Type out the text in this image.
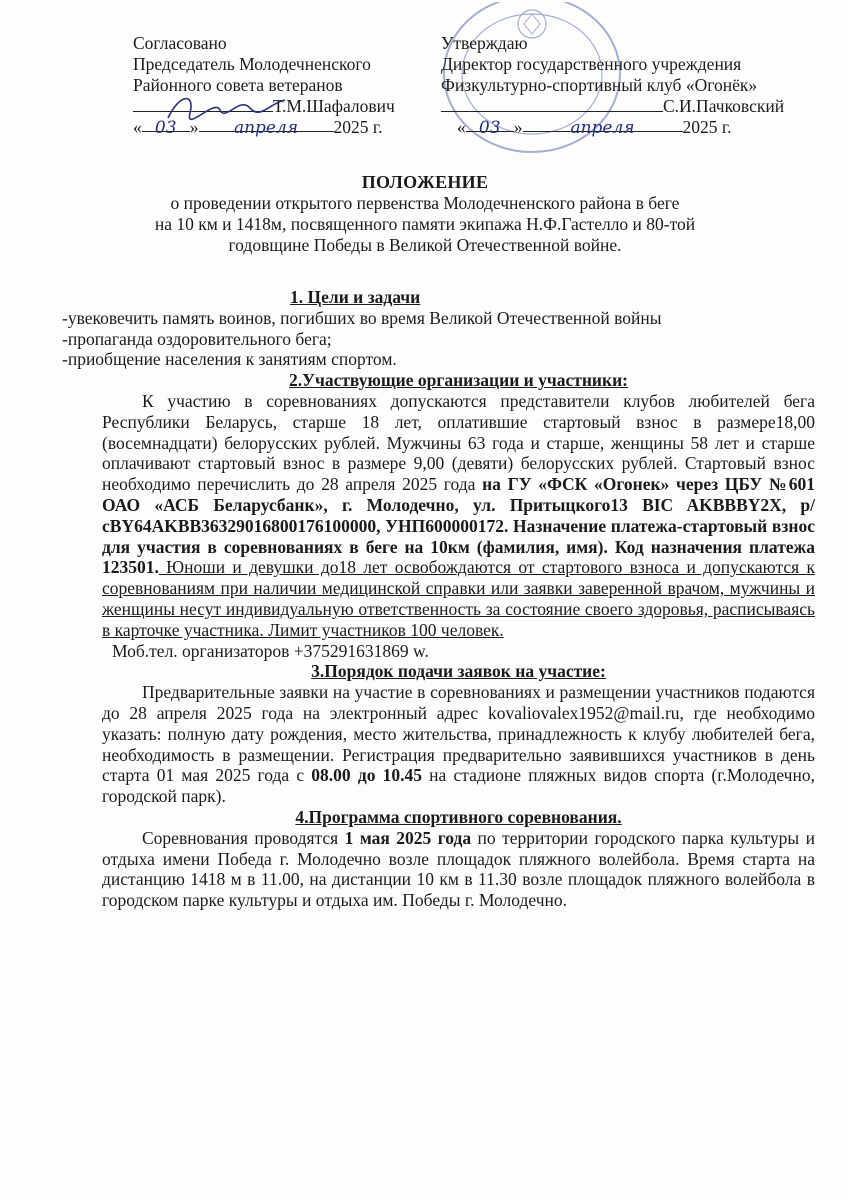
Согласовано
Председатель Молодечненского
Районного совета ветеранов
Т.М.Шафалович
« 03 » апреля 2025 г.
Утверждаю
Директор государственного учреждения
Физкультурно-спортивный клуб «Огонёк»
С.И.Пачковский
« 03 »	апреля	2025 г.
ПОЛОЖЕНИЕ
о проведении открытого первенства Молодечненского района в беге
на 10 км и 1418м, посвященного памяти экипажа Н.Ф.Гастелло и 80-той
годовщине Победы в Великой Отечественной войне.
1. Цели и задачи
-увековечить память воинов, погибших во время Великой Отечественной войны
-пропаганда оздоровительного бега;
-приобщение населения к занятиям спортом.
2.Участвующие организации и участники:
К участию в соревнованиях допускаются представители клубов любителей бега Республики Беларусь, старше 18 лет, оплатившие стартовый взнос в размере18,00 (восемнадцати) белорусских рублей. Мужчины 63 года и старше, женщины 58 лет и старше оплачивают стартовый взнос в размере 9,00 (девяти) белорусских рублей. Стартовый взнос необходимо перечислить до 28 апреля 2025 года на ГУ «ФСК «Огонек» через ЦБУ №601 ОАО «АСБ Беларусбанк», г. Молодечно, ул. Притыцкого13 BIC AKBBBY2X, р/сBY64AKBB36329016800176100000, УНП600000172. Назначение платежа-стартовый взнос для участия в соревнованиях в беге на 10км (фамилия, имя). Код назначения платежа 123501. Юноши и девушки до18 лет освобождаются от стартового взноса и допускаются к соревнованиям при наличии медицинской справки или заявки заверенной врачом, мужчины и женщины несут индивидуальную ответственность за состояние своего здоровья, расписываясь в карточке участника. Лимит участников 100 человек.
Моб.тел. организаторов +375291631869 w.
3.Порядок подачи заявок на участие:
Предварительные заявки на участие в соревнованиях и размещении участников подаются до 28 апреля 2025 года на электронный адрес kovaliovalex1952@mail.ru, где необходимо указать: полную дату рождения, место жительства, принадлежность к клубу любителей бега, необходимость в размещении. Регистрация предварительно заявившихся участников в день старта 01 мая 2025 года с 08.00 до 10.45 на стадионе пляжных видов спорта (г.Молодечно, городской парк).
4.Программа спортивного соревнования.
Соревнования проводятся 1 мая 2025 года по территории городского парка культуры и отдыха имени Победа г. Молодечно возле площадок пляжного волейбола. Время старта на дистанцию 1418 м в 11.00, на дистанции 10 км в 11.30 возле площадок пляжного волейбола в городском парке культуры и отдыха им. Победы г. Молодечно.
